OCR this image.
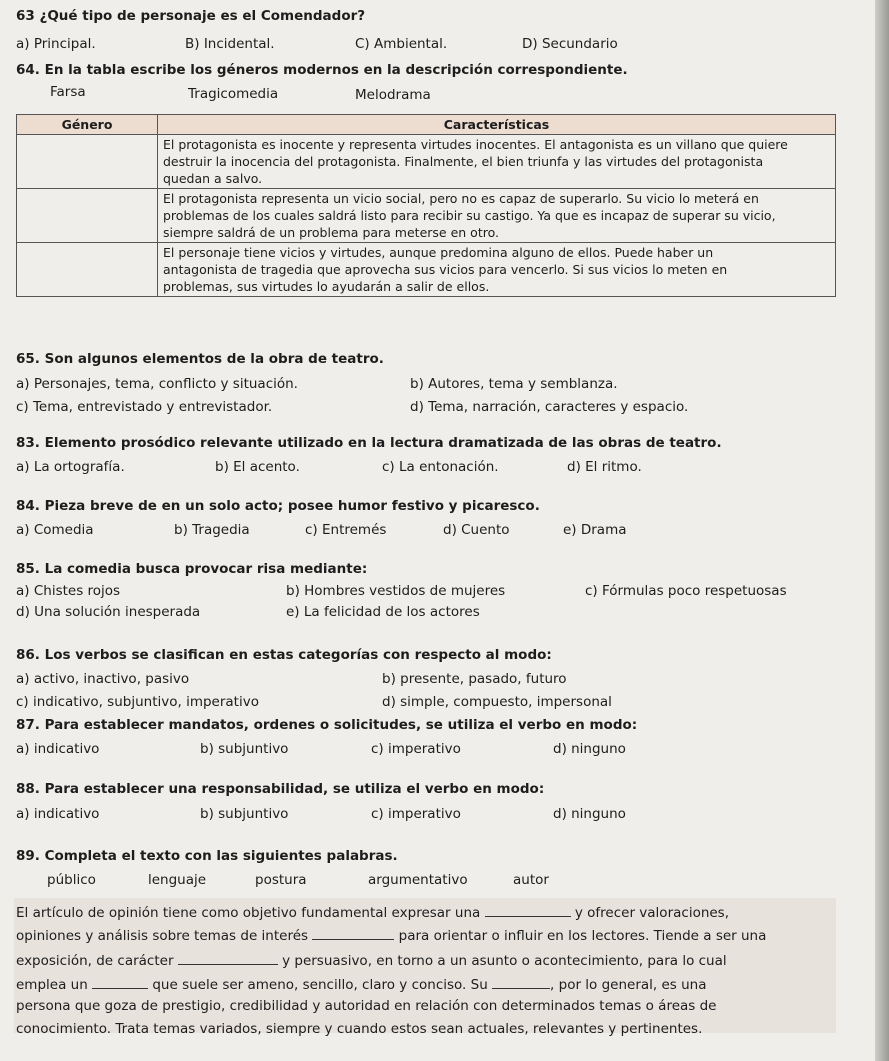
63 ¿Qué tipo de personaje es el Comendador?
a) Principal.	B) Incidental.	C) Ambiental.	D) Secundario
64. En la tabla escribe los géneros modernos en la descripción correspondiente.
Farsa	Tragicomedia	Melodrama
Género	Características

	El protagonista es inocente y representa virtudes inocentes. El antagonista es un villano que quiere
destruir la inocencia del protagonista. Finalmente, el bien triunfa y las virtudes del protagonista
quedan a salvo.

	El protagonista representa un vicio social, pero no es capaz de superarlo. Su vicio lo meterá en
problemas de los cuales saldrá listo para recibir su castigo. Ya que es incapaz de superar su vicio,
siempre saldrá de un problema para meterse en otro.

	El personaje tiene vicios y virtudes, aunque predomina alguno de ellos. Puede haber un
antagonista de tragedia que aprovecha sus vicios para vencerlo. Si sus vicios lo meten en
problemas, sus virtudes lo ayudarán a salir de ellos.
65. Son algunos elementos de la obra de teatro.
a) Personajes, tema, conflicto y situación.	b) Autores, tema y semblanza.
c) Tema, entrevistado y entrevistador.	d) Tema, narración, caracteres y espacio.
83. Elemento prosódico relevante utilizado en la lectura dramatizada de las obras de teatro.
a) La ortografía.	b) El acento.	c) La entonación.	d) El ritmo.
84. Pieza breve de en un solo acto; posee humor festivo y picaresco.
a) Comedia	b) Tragedia	c) Entremés	d) Cuento	e) Drama
85. La comedia busca provocar risa mediante:
a) Chistes rojos	b) Hombres vestidos de mujeres	c) Fórmulas poco respetuosas
d) Una solución inesperada	e) La felicidad de los actores
86. Los verbos se clasifican en estas categorías con respecto al modo:
a) activo, inactivo, pasivo	b) presente, pasado, futuro
c) indicativo, subjuntivo, imperativo	d) simple, compuesto, impersonal
87. Para establecer mandatos, ordenes o solicitudes, se utiliza el verbo en modo:
a) indicativo	b) subjuntivo	c) imperativo	d) ninguno
88. Para establecer una responsabilidad, se utiliza el verbo en modo:
a) indicativo	b) subjuntivo	c) imperativo	d) ninguno
89. Completa el texto con las siguientes palabras.
público	lenguaje	postura	argumentativo	autor
El artículo de opinión tiene como objetivo fundamental expresar una	y ofrecer valoraciones,
opiniones y análisis sobre temas de interés	para orientar o influir en los lectores. Tiende a ser una
exposición, de carácter	y persuasivo, en torno a un asunto o acontecimiento, para lo cual
emplea un	que suele ser ameno, sencillo, claro y conciso. Su	, por lo general, es una
persona que goza de prestigio, credibilidad y autoridad en relación con determinados temas o áreas de
conocimiento. Trata temas variados, siempre y cuando estos sean actuales, relevantes y pertinentes.
